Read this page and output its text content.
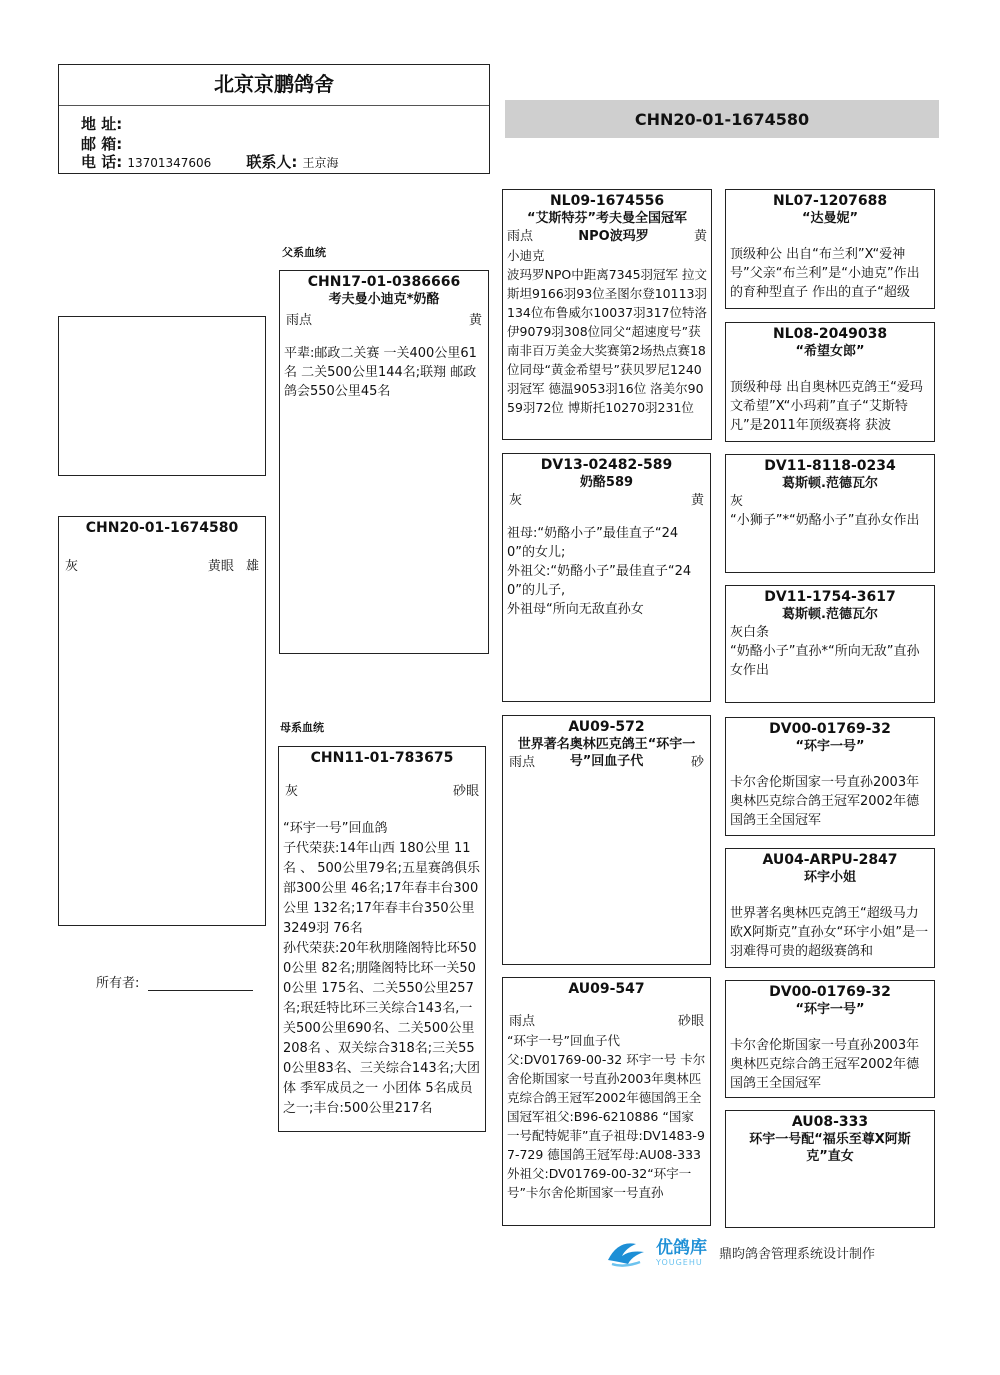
北京京鹏鸽舍
地 址:
邮 箱:
电 话: 13701347606 联系人: 王京海
CHN20-01-1674580
CHN20-01-1674580
灰	黄眼 雄
所有者:
父系血统
母系血统
CHN17-01-0386666
考夫曼小迪克*奶酪
雨点	黄
平辈:邮政二关赛 一关400公里61名 二关500公里144名;联翔 邮政鸽会550公里45名
CHN11-01-783675
灰	砂眼
“环宇一号”回血鸽
子代荣获:14年山西 180公里 11名 、 500公里79名;五星赛鸽俱乐部300公里 46名;17年春丰台300公里 132名;17年春丰台350公里3249羽 76名
孙代荣获:20年秋朋隆阁特比环500公里 82名;朋隆阁特比环一关500公里 175名、二关550公里257名;珉廷特比环三关综合143名,一关500公里690名、二关500公里 208名 、双关综合318名;三关550公里83名、三关综合143名;大团体 季军成员之一 小团体 5名成员之一;丰台:500公里217名
NL09-1674556
“艾斯特芬”考夫曼全国冠军
雨点	NPO波玛罗	黄
小迪克
波玛罗NPO中距离7345羽冠军 拉文斯坦9166羽93位圣图尔登10113羽134位布鲁威尔10037羽317位特洛伊9079羽308位同父“超速度号”获南非百万美金大奖赛第2场热点赛18位同母“黄金希望号”获贝罗尼1240羽冠军 德温9053羽16位 洛美尔9059羽72位 博斯托10270羽231位
DV13-02482-589
奶酪589
灰	黄
祖母:“奶酪小子”最佳直子“240”的女儿;
外祖父:“奶酪小子”最佳直子“240”的儿子,
外祖母“所向无敌直孙女
AU09-572
世界著名奥林匹克鸽王“环宇一号”回血子代
雨点	砂
AU09-547
雨点	砂眼
“环宇一号”回血子代
父:DV01769-00-32 环宇一号 卡尔舍伦斯国家一号直孙2003年奥林匹克综合鸽王冠军2002年德国鸽王全国冠军祖父:B96-6210886 “国家一号配特妮菲”直子祖母:DV1483-97-729 德国鸽王冠军母:AU08-333外祖父:DV01769-00-32“环宇一号”卡尔舍伦斯国家一号直孙
NL07-1207688
“达曼妮”
顶级种公 出自“布兰利”X“爱神号”父亲“布兰利”是“小迪克”作出的育种型直子 作出的直子“超级
NL08-2049038
“希望女郎”
顶级种母 出自奥林匹克鸽王“爱玛文希望”X“小玛莉”直子“艾斯特凡”是2011年顶级赛将 获波
DV11-8118-0234
葛斯顿.范德瓦尔
灰
“小狮子”*“奶酪小子”直孙女作出
DV11-1754-3617
葛斯顿.范德瓦尔
灰白条
“奶酪小子”直孙*“所向无敌”直孙女作出
DV00-01769-32
“环宇一号”
卡尔舍伦斯国家一号直孙2003年奥林匹克综合鸽王冠军2002年德国鸽王全国冠军
AU04-ARPU-2847
环宇小姐
世界著名奥林匹克鸽王“超级马力欧X阿斯克”直孙女“环宇小姐”是一羽难得可贵的超级赛鸽和
DV00-01769-32
“环宇一号”
卡尔舍伦斯国家一号直孙2003年奥林匹克综合鸽王冠军2002年德国鸽王全国冠军
AU08-333
环宇一号配“福乐至尊X阿斯克”直女
优鸽库
YOUGEHU
鼎昀鸽舍管理系统设计制作
